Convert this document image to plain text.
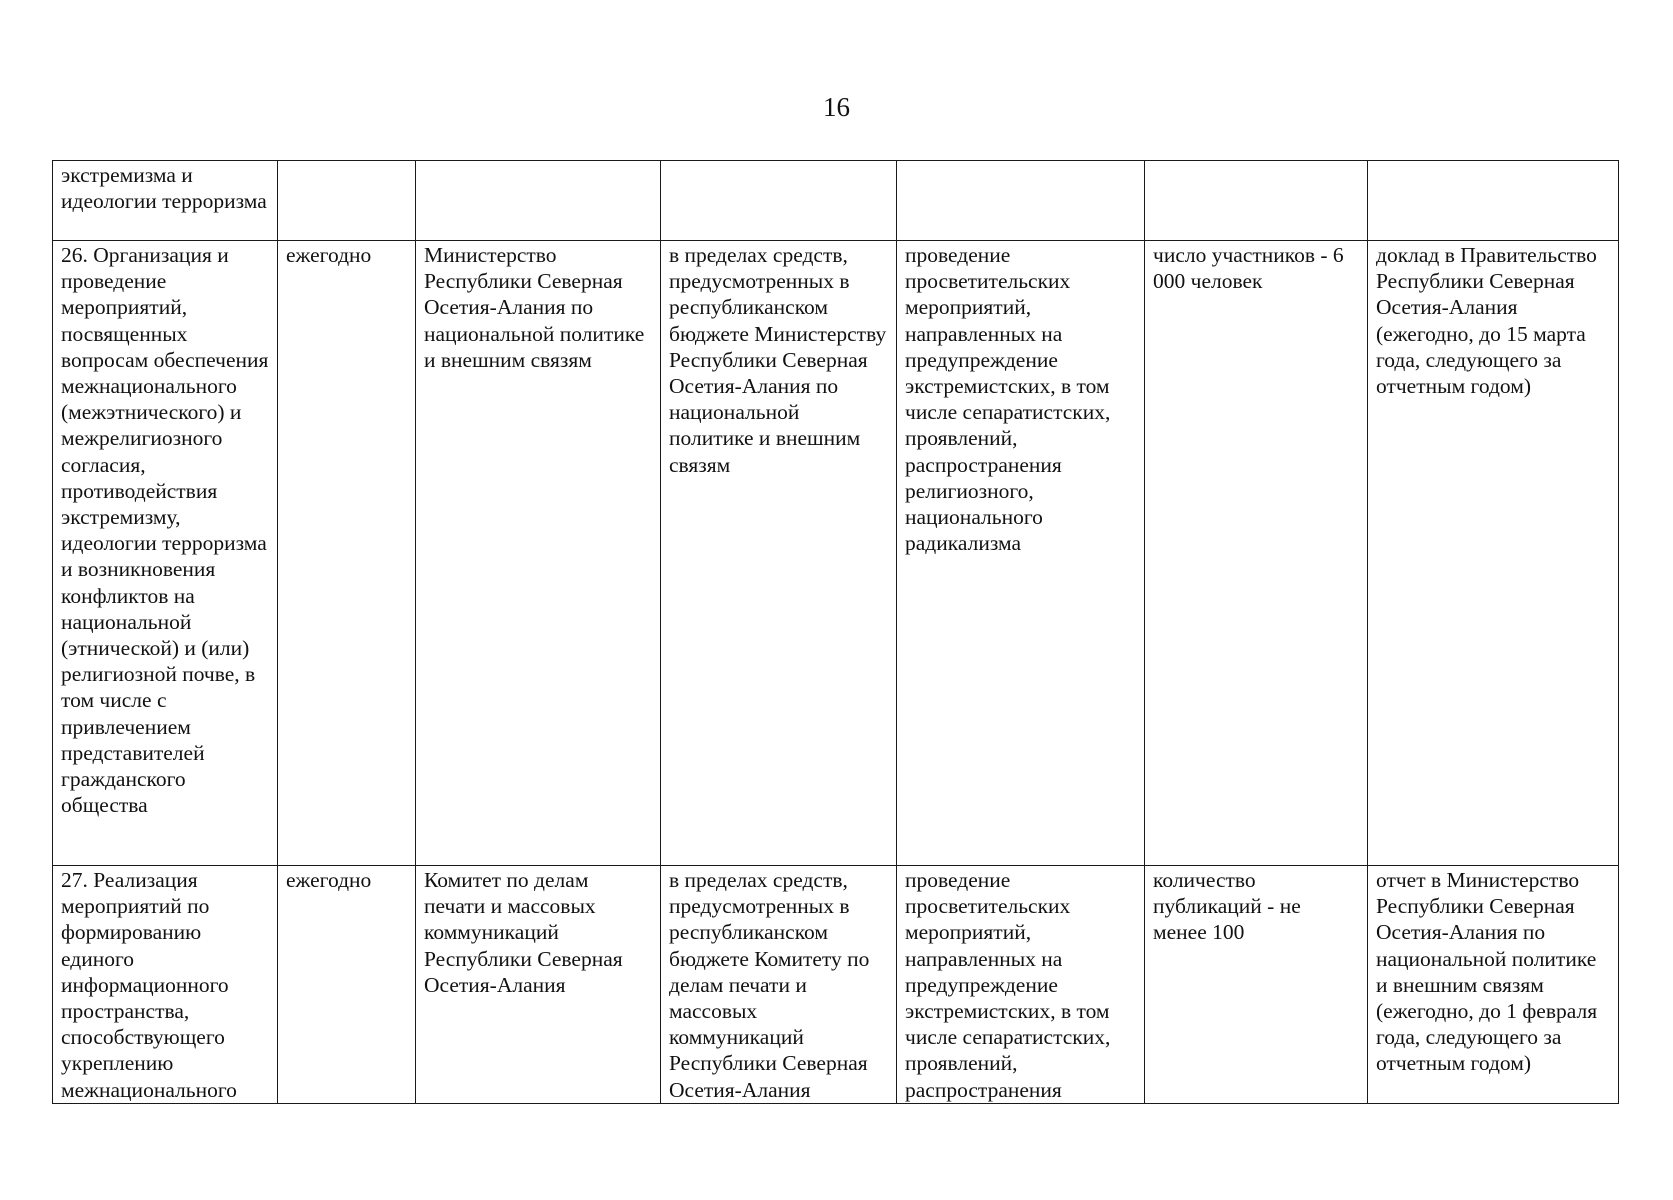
16
экстремизма и идеологии терроризма						

26. Организация и проведение мероприятий, посвященных вопросам обеспечения межнационального (межэтнического) и межрелигиозного согласия, противодействия экстремизму, идеологии терроризма и возникновения конфликтов на национальной (этнической) и (или) религиозной почве, в том числе с привлечением представителей гражданского общества	ежегодно	Министерство Республики Северная Осетия-Алания по национальной политике и внешним связям	в пределах средств, предусмотренных в республиканском бюджете Министерству Республики Северная Осетия-Алания по национальной политике и внешним связям	проведение просветительских мероприятий, направленных на предупреждение экстремистских, в том числе сепаратистских, проявлений, распространения религиозного, национального радикализма	число участников - 6 000 человек	доклад в Правительство Республики Северная Осетия-Алания (ежегодно, до 15 марта года, следующего за отчетным годом)

27. Реализация мероприятий по формированию единого информационного пространства, способствующего укреплению межнационального	ежегодно	Комитет по делам печати и массовых коммуникаций Республики Северная Осетия-Алания	в пределах средств, предусмотренных в республиканском бюджете Комитету по делам печати и массовых коммуникаций Республики Северная Осетия-Алания	проведение просветительских мероприятий, направленных на предупреждение экстремистских, в том числе сепаратистских, проявлений, распространения	количество публикаций - не менее 100	отчет в Министерство Республики Северная Осетия-Алания по национальной политике и внешним связям (ежегодно, до 1 февраля года, следующего за отчетным годом)
